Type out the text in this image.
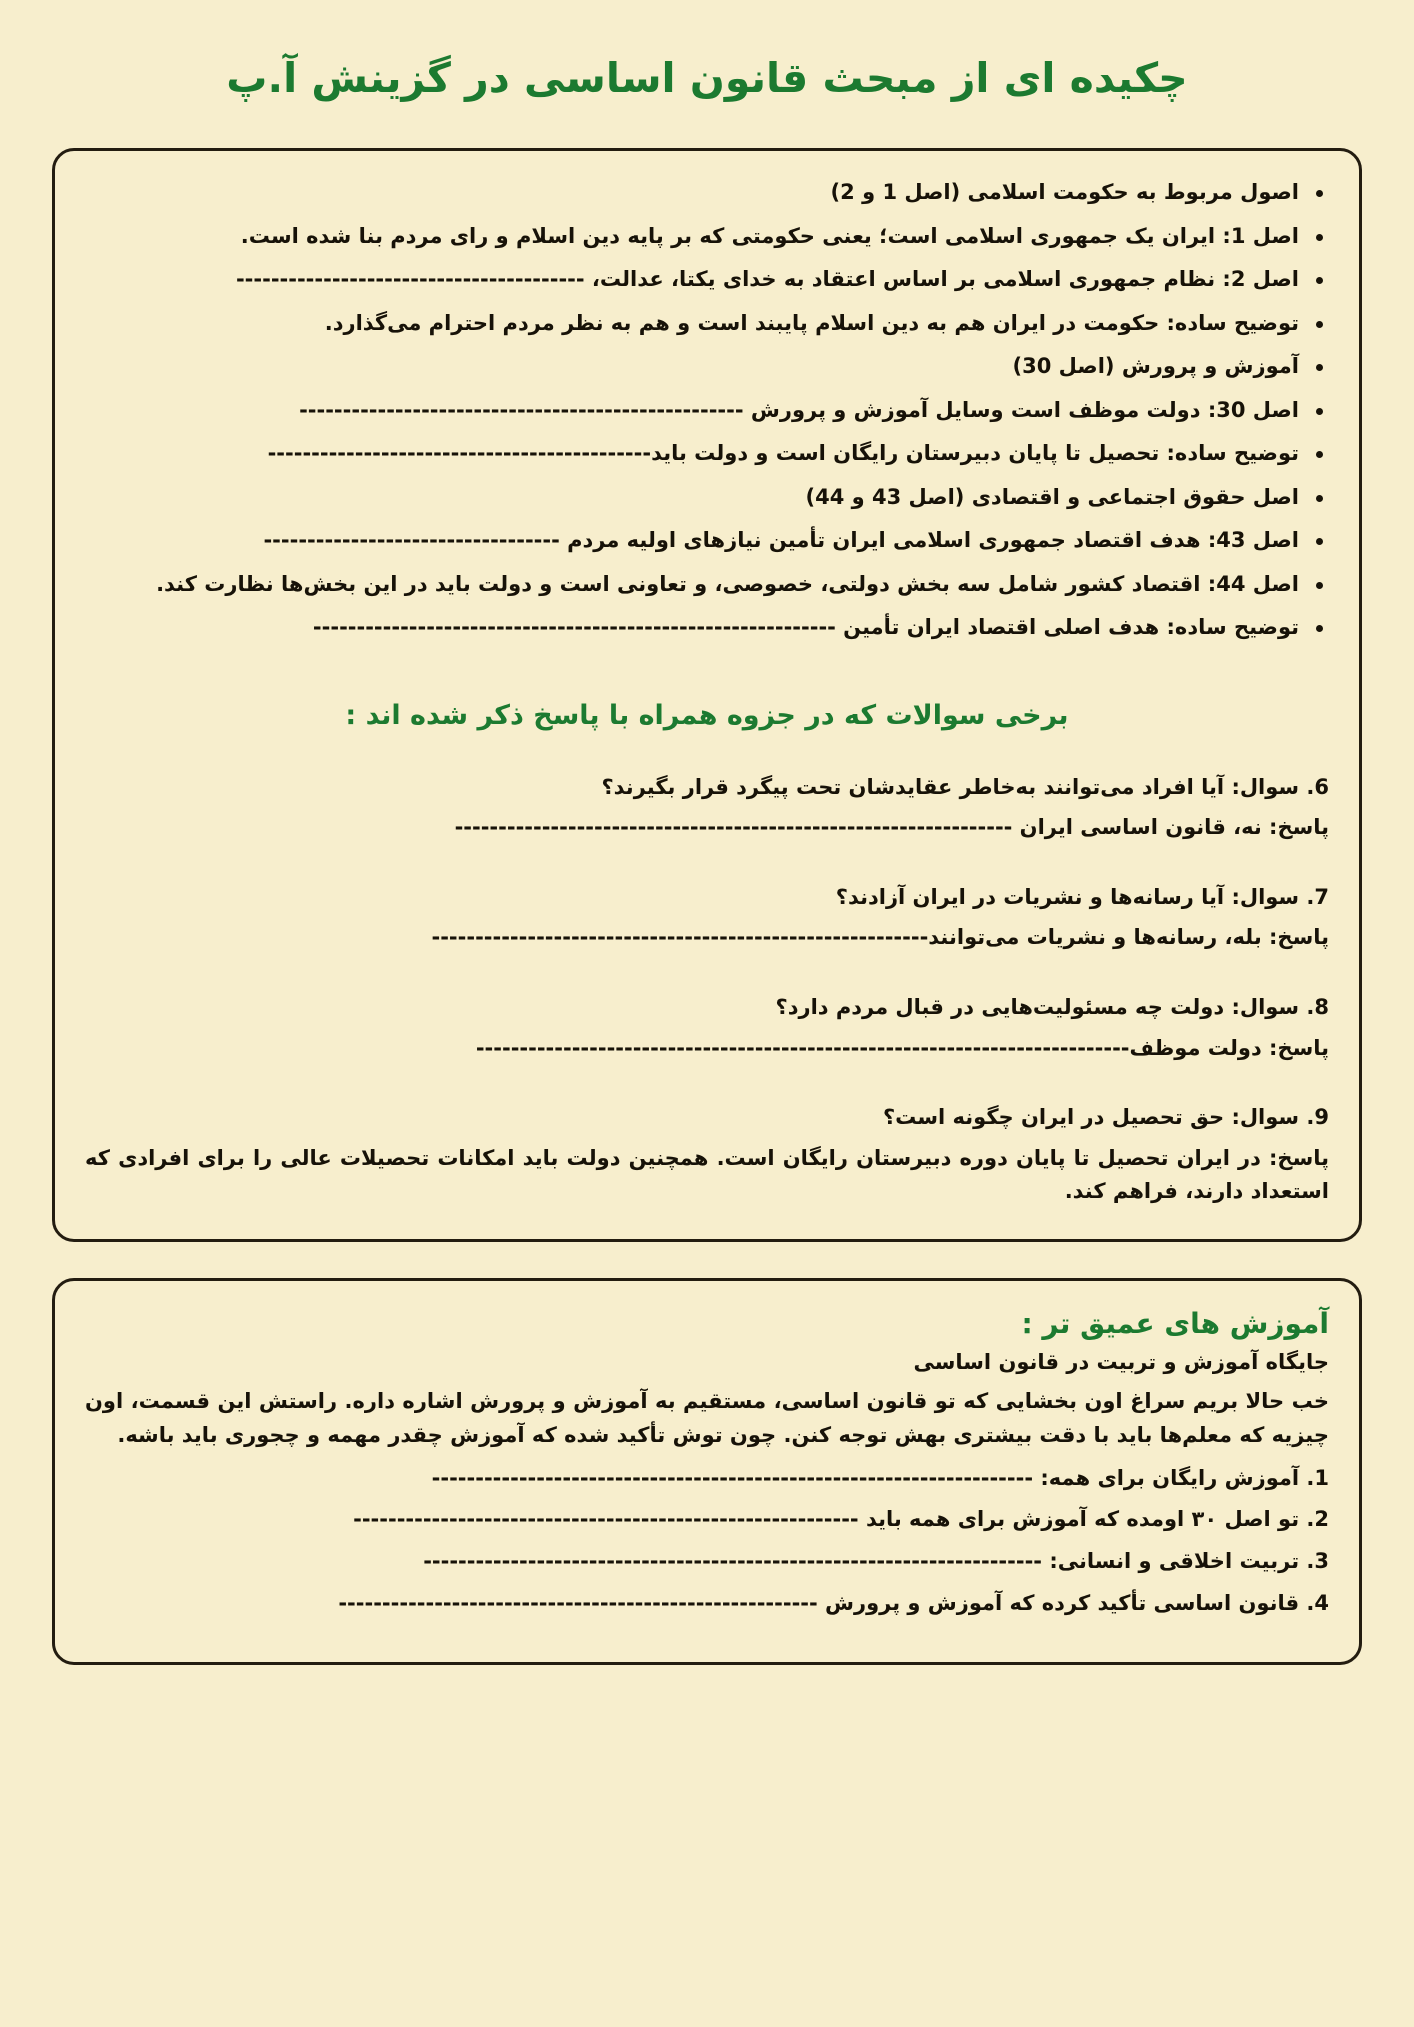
چکیده ای از مبحث قانون اساسی در گزینش آ.پ
اصول مربوط به حکومت اسلامی (اصل 1 و 2)
اصل 1: ایران یک جمهوری اسلامی است؛ یعنی حکومتی که بر پایه دین اسلام و رای مردم بنا شده است.
اصل 2: نظام جمهوری اسلامی بر اساس اعتقاد به خدای یکتا، عدالت، ----------------------------------------
توضیح ساده: حکومت در ایران هم به دین اسلام پایبند است و هم به نظر مردم احترام می‌گذارد.
آموزش و پرورش (اصل 30)
اصل 30: دولت موظف است وسایل آموزش و پرورش ---------------------------------------------------
توضیح ساده: تحصیل تا پایان دبیرستان رایگان است و دولت باید--------------------------------------------
اصل حقوق اجتماعی و اقتصادی (اصل 43 و 44)
اصل 43: هدف اقتصاد جمهوری اسلامی ایران تأمین نیازهای اولیه مردم ----------------------------------
اصل 44: اقتصاد کشور شامل سه بخش دولتی، خصوصی، و تعاونی است و دولت باید در این بخش‌ها نظارت کند.
توضیح ساده: هدف اصلی اقتصاد ایران تأمین ------------------------------------------------------------
برخی سوالات که در جزوه همراه با پاسخ ذکر شده اند :
6. سوال: آیا افراد می‌توانند به‌خاطر عقایدشان تحت پیگرد قرار بگیرند؟
پاسخ: نه، قانون اساسی ایران ----------------------------------------------------------------
7. سوال: آیا رسانه‌ها و نشریات در ایران آزادند؟
پاسخ: بله، رسانه‌ها و نشریات می‌توانند---------------------------------------------------------
8. سوال: دولت چه مسئولیت‌هایی در قبال مردم دارد؟
پاسخ: دولت موظف---------------------------------------------------------------------------
9. سوال: حق تحصیل در ایران چگونه است؟
پاسخ: در ایران تحصیل تا پایان دوره دبیرستان رایگان است. همچنین دولت باید امکانات تحصیلات عالی را برای افرادی که استعداد دارند، فراهم کند.
آموزش های عمیق تر :
جایگاه آموزش و تربیت در قانون اساسی

خب حالا بریم سراغ اون بخشایی که تو قانون اساسی، مستقیم به آموزش و پرورش اشاره داره. راستش این قسمت، اون چیزیه که معلم‌ها باید با دقت بیشتری بهش توجه کنن. چون توش تأکید شده که آموزش چقدر مهمه و چجوری باید باشه.

1. آموزش رایگان برای همه: ---------------------------------------------------------------------
2. تو اصل ۳۰ اومده که آموزش برای همه باید ----------------------------------------------------------
3. تربیت اخلاقی و انسانی: -----------------------------------------------------------------------
4. قانون اساسی تأکید کرده که آموزش و پرورش -------------------------------------------------------
